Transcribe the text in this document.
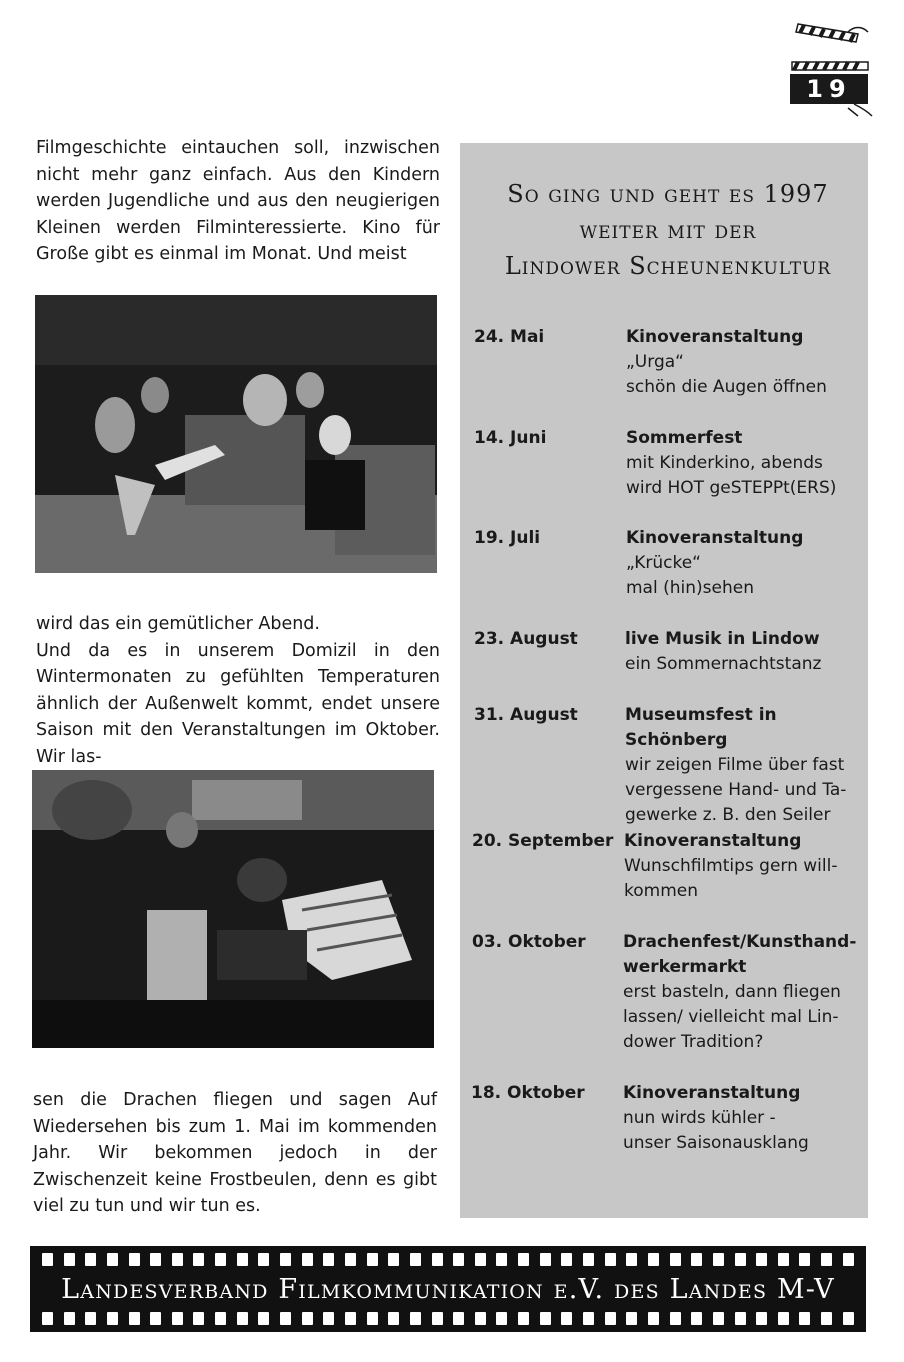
19

Filmgeschichte eintauchen soll, inzwischen nicht mehr ganz einfach. Aus den Kindern werden Jugendliche und aus den neugierigen Kleinen werden Filminteressierte. Kino für Große gibt es einmal im Monat. Und meist

wird das ein gemütlicher Abend.

Und da es in unserem Domizil in den Wintermonaten zu gefühlten Temperaturen ähnlich der Außenwelt kommt, endet unsere Saison mit den Veranstaltungen im Oktober. Wir las-

sen die Drachen fliegen und sagen Auf Wiedersehen bis zum 1. Mai im kommenden Jahr. Wir bekommen jedoch in der Zwischenzeit keine Frostbeulen, denn es gibt viel zu tun und wir tun es.

So ging und geht es 1997
weiter mit der
Lindower Scheunenkultur
24. Mai	Kinoveranstaltung
„Urga“
schön die Augen öffnen
14. Juni	Sommerfest
mit Kinderkino, abends
wird HOT geSTEPPt(ERS)
19. Juli	Kinoveranstaltung
„Krücke“
mal (hin)sehen
23. August	live Musik in Lindow
ein Sommernachtstanz
31. August	Museumsfest in Schönberg
wir zeigen Filme über fast
vergessene Hand- und Ta-
gewerke z. B. den Seiler
20. September Kinoveranstaltung
Wunschfilmtips gern will-
kommen
03. Oktober Drachenfest/Kunsthand-
werkermarkt
erst basteln, dann fliegen
lassen/ vielleicht mal Lin-
dower Tradition?
18. Oktober Kinoveranstaltung
nun wirds kühler -
unser Saisonausklang
Landesverband Filmkommunikation e.V. des Landes M-V
